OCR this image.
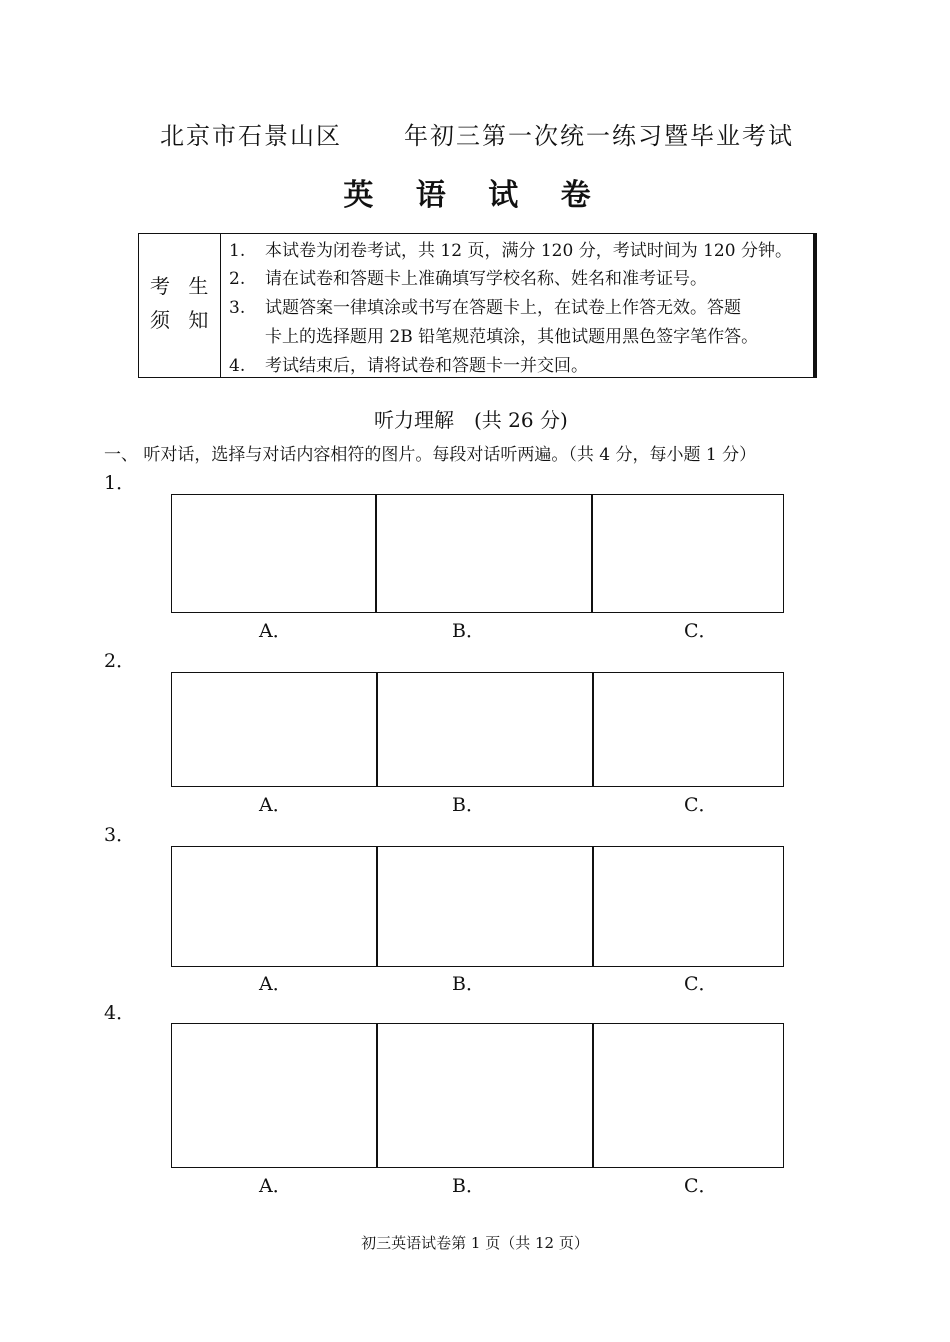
北京市石景山区	年初三第一次统一练习暨毕业考试
英 语 试 卷
考 生
须 知
1. 本试卷为闭卷考试，共 12 页，满分 120 分，考试时间为 120 分钟。
2. 请在试卷和答题卡上准确填写学校名称、姓名和准考证号。
3. 试题答案一律填涂或书写在答题卡上，在试卷上作答无效。答题
卡上的选择题用 2B 铅笔规范填涂，其他试题用黑色签字笔作答。
4. 考试结束后，请将试卷和答题卡一并交回。
听力理解　(共 26 分)
一、 听对话，选择与对话内容相符的图片。每段对话听两遍。（共 4 分，每小题 1 分）
1．
A．	B．	C．
2．
A．	B．	C．
3．
A．	B．	C．
4．
A．	B．	C．
初三英语试卷第 1 页（共 12 页）
